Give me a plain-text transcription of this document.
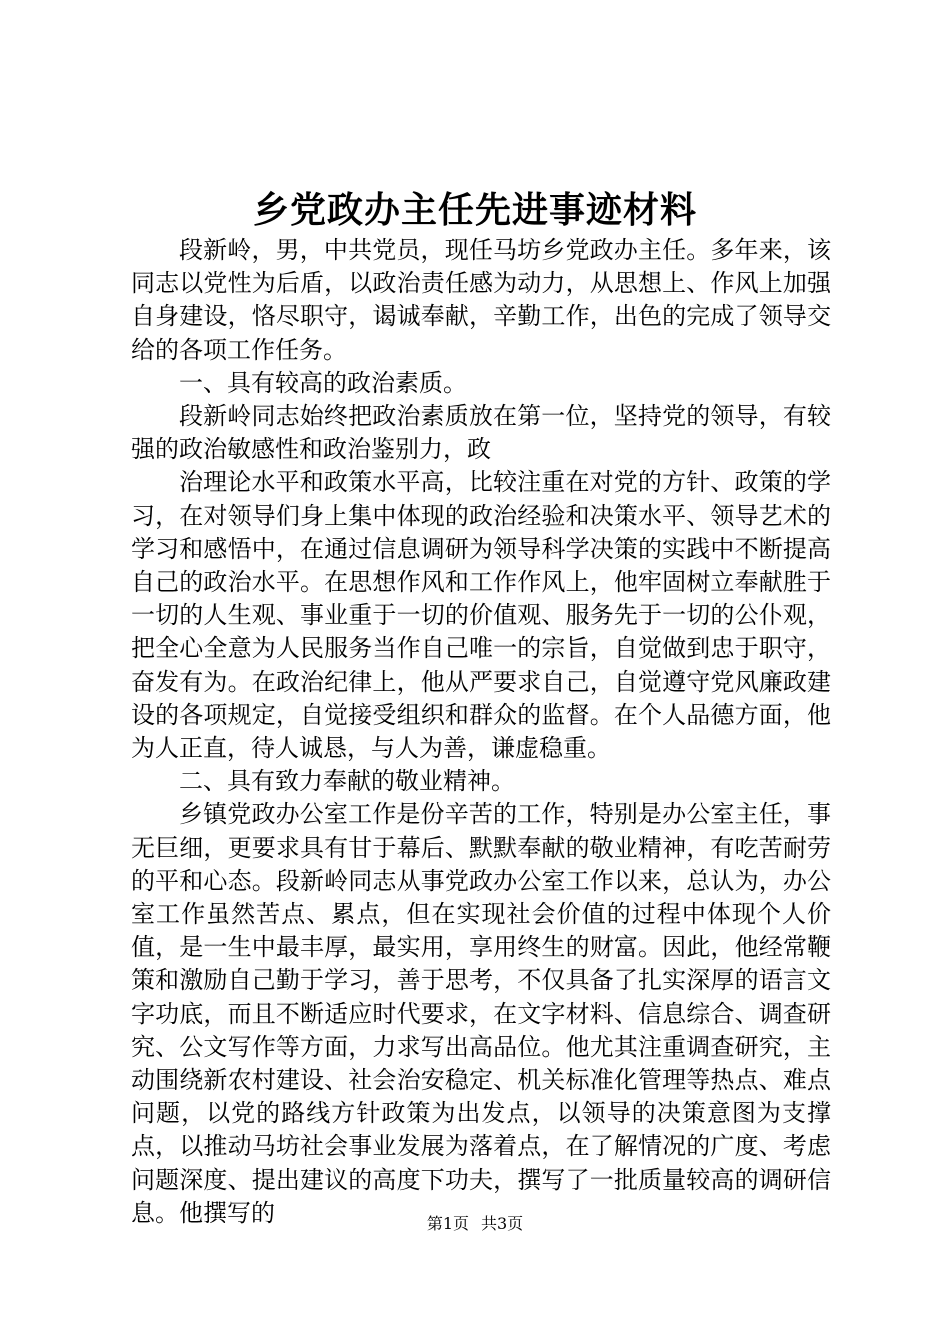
乡党政办主任先进事迹材料

段新岭，男，中共党员，现任马坊乡党政办主任。多年来，该同志以党性为后盾，以政治责任感为动力，从思想上、作风上加强自身建设，恪尽职守，谒诚奉献，辛勤工作，出色的完成了领导交给的各项工作任务。

一、具有较高的政治素质。

段新岭同志始终把政治素质放在第一位，坚持党的领导，有较强的政治敏感性和政治鉴别力，政

治理论水平和政策水平高，比较注重在对党的方针、政策的学习，在对领导们身上集中体现的政治经验和决策水平、领导艺术的学习和感悟中，在通过信息调研为领导科学决策的实践中不断提高自己的政治水平。在思想作风和工作作风上，他牢固树立奉献胜于一切的人生观、事业重于一切的价值观、服务先于一切的公仆观，把全心全意为人民服务当作自己唯一的宗旨，自觉做到忠于职守，奋发有为。在政治纪律上，他从严要求自己，自觉遵守党风廉政建设的各项规定，自觉接受组织和群众的监督。在个人品德方面，他为人正直，待人诚恳，与人为善，谦虚稳重。

二、具有致力奉献的敬业精神。

乡镇党政办公室工作是份辛苦的工作，特别是办公室主任，事无巨细，更要求具有甘于幕后、默默奉献的敬业精神，有吃苦耐劳的平和心态。段新岭同志从事党政办公室工作以来，总认为，办公室工作虽然苦点、累点，但在实现社会价值的过程中体现个人价值，是一生中最丰厚，最实用，享用终生的财富。因此，他经常鞭策和激励自己勤于学习，善于思考，不仅具备了扎实深厚的语言文字功底，而且不断适应时代要求，在文字材料、信息综合、调查研究、公文写作等方面，力求写出高品位。他尤其注重调查研究，主动围绕新农村建设、社会治安稳定、机关标准化管理等热点、难点问题，以党的路线方针政策为出发点，以领导的决策意图为支撑点，以推动马坊社会事业发展为落着点，在了解情况的广度、考虑问题深度、提出建议的高度下功夫，撰写了一批质量较高的调研信息。他撰写的	第1页 共3页
